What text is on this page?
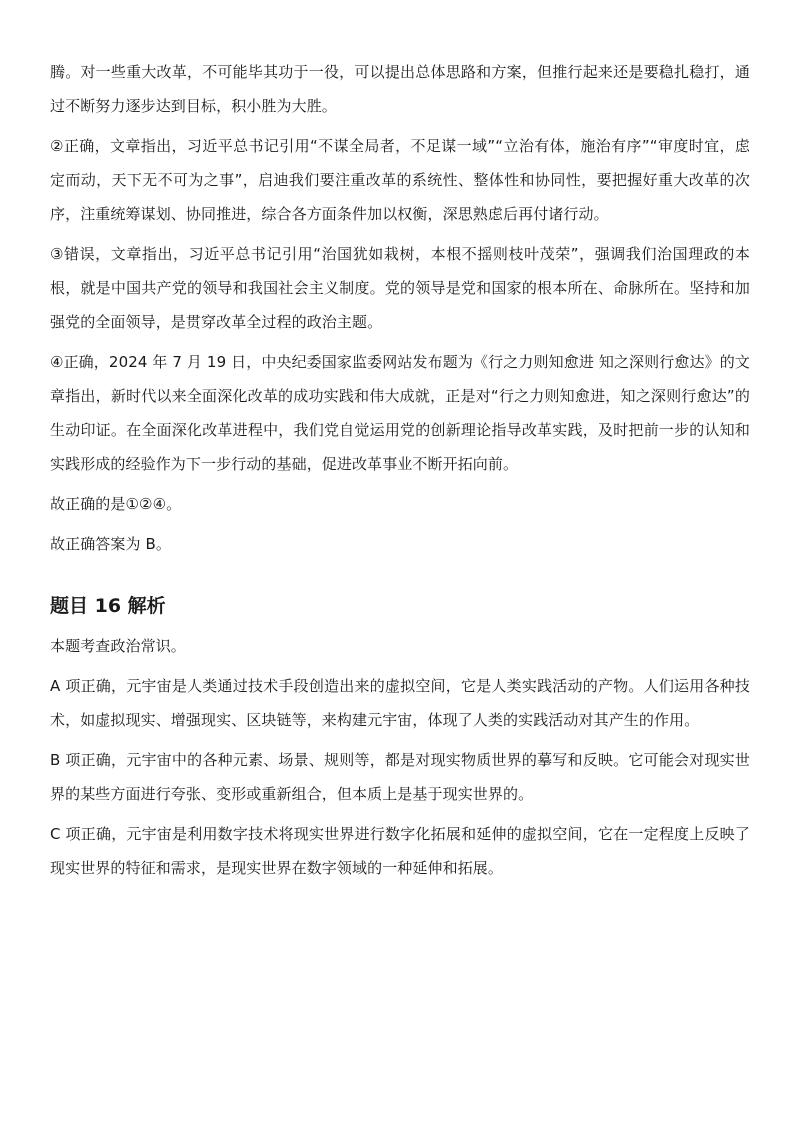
腾。对一些重大改革，不可能毕其功于一役，可以提出总体思路和方案，但推行起来还是要稳扎稳打，通过不断努力逐步达到目标，积小胜为大胜。

②正确，文章指出，习近平总书记引用“不谋全局者，不足谋一域”“立治有体，施治有序”“审度时宜，虑定而动，天下无不可为之事”，启迪我们要注重改革的系统性、整体性和协同性，要把握好重大改革的次序，注重统筹谋划、协同推进，综合各方面条件加以权衡，深思熟虑后再付诸行动。

③错误，文章指出，习近平总书记引用“治国犹如栽树，本根不摇则枝叶茂荣”，强调我们治国理政的本根，就是中国共产党的领导和我国社会主义制度。党的领导是党和国家的根本所在、命脉所在。坚持和加强党的全面领导，是贯穿改革全过程的政治主题。

④正确，2024 年 7 月 19 日，中央纪委国家监委网站发布题为《行之力则知愈进 知之深则行愈达》的文章指出，新时代以来全面深化改革的成功实践和伟大成就，正是对“行之力则知愈进，知之深则行愈达”的生动印证。在全面深化改革进程中，我们党自觉运用党的创新理论指导改革实践，及时把前一步的认知和实践形成的经验作为下一步行动的基础，促进改革事业不断开拓向前。

故正确的是①②④。

故正确答案为 B。

题目 16 解析

本题考查政治常识。

A 项正确，元宇宙是人类通过技术手段创造出来的虚拟空间，它是人类实践活动的产物。人们运用各种技术，如虚拟现实、增强现实、区块链等，来构建元宇宙，体现了人类的实践活动对其产生的作用。

B 项正确，元宇宙中的各种元素、场景、规则等，都是对现实物质世界的摹写和反映。它可能会对现实世界的某些方面进行夸张、变形或重新组合，但本质上是基于现实世界的。

C 项正确，元宇宙是利用数字技术将现实世界进行数字化拓展和延伸的虚拟空间，它在一定程度上反映了现实世界的特征和需求，是现实世界在数字领域的一种延伸和拓展。
